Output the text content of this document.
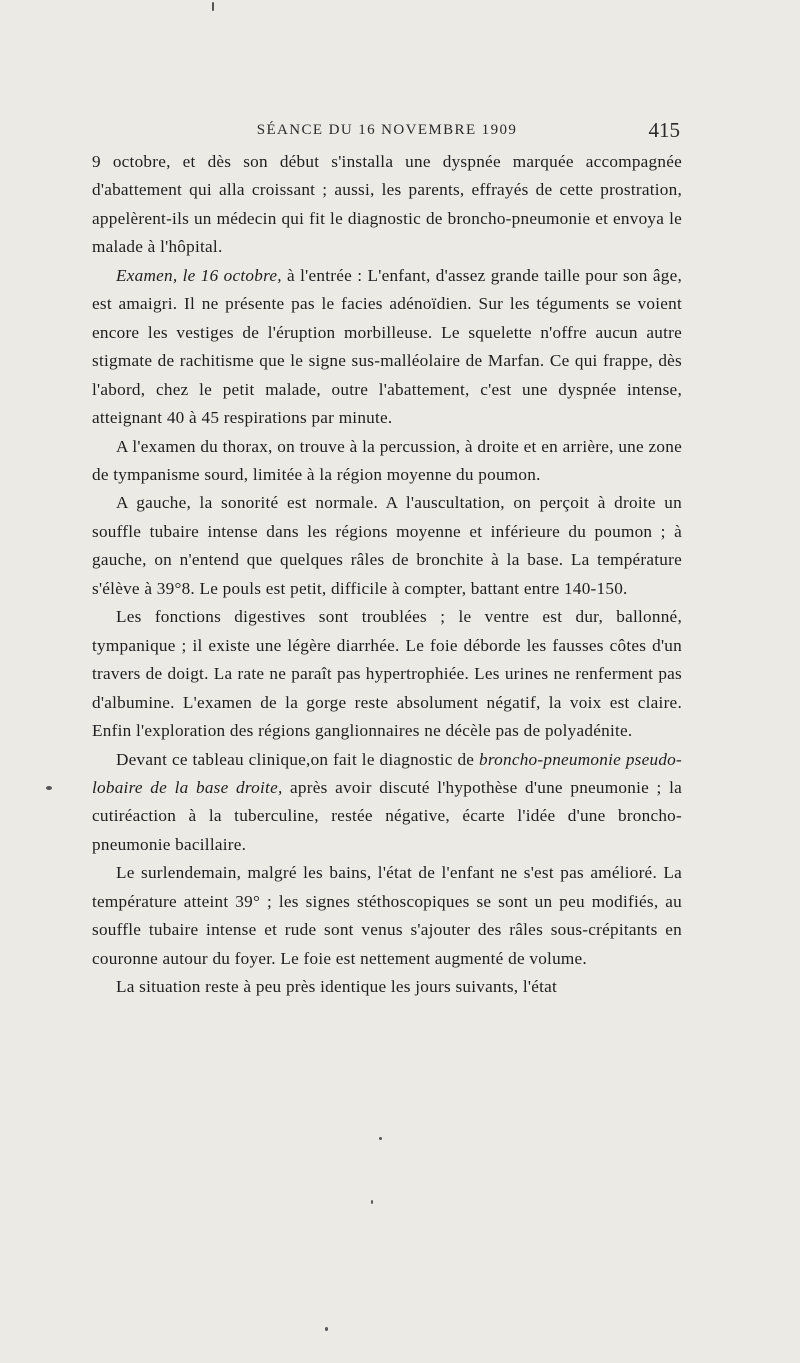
SÉANCE DU 16 NOVEMBRE 1909	415

9 octobre, et dès son début s'installa une dyspnée marquée accompagnée d'abattement qui alla croissant ; aussi, les parents, effrayés de cette prostration, appelèrent-ils un médecin qui fit le diagnostic de broncho-pneumonie et envoya le malade à l'hôpital.

Examen, le 16 octobre, à l'entrée : L'enfant, d'assez grande taille pour son âge, est amaigri. Il ne présente pas le facies adénoïdien. Sur les téguments se voient encore les vestiges de l'éruption morbilleuse. Le squelette n'offre aucun autre stigmate de rachitisme que le signe sus-malléolaire de Marfan. Ce qui frappe, dès l'abord, chez le petit malade, outre l'abattement, c'est une dyspnée intense, atteignant 40 à 45 respirations par minute.

A l'examen du thorax, on trouve à la percussion, à droite et en arrière, une zone de tympanisme sourd, limitée à la région moyenne du poumon.

A gauche, la sonorité est normale. A l'auscultation, on perçoit à droite un souffle tubaire intense dans les régions moyenne et inférieure du poumon ; à gauche, on n'entend que quelques râles de bronchite à la base. La température s'élève à 39°8. Le pouls est petit, difficile à compter, battant entre 140-150.

Les fonctions digestives sont troublées ; le ventre est dur, ballonné, tympanique ; il existe une légère diarrhée. Le foie déborde les fausses côtes d'un travers de doigt. La rate ne paraît pas hypertrophiée. Les urines ne renferment pas d'albumine. L'examen de la gorge reste absolument négatif, la voix est claire. Enfin l'exploration des régions ganglionnaires ne décèle pas de polyadénite.

Devant ce tableau clinique,on fait le diagnostic de broncho-pneumonie pseudo-lobaire de la base droite, après avoir discuté l'hypothèse d'une pneumonie ; la cutiréaction à la tuberculine, restée négative, écarte l'idée d'une broncho-pneumonie bacillaire.

Le surlendemain, malgré les bains, l'état de l'enfant ne s'est pas amélioré. La température atteint 39° ; les signes stéthoscopiques se sont un peu modifiés, au souffle tubaire intense et rude sont venus s'ajouter des râles sous-crépitants en couronne autour du foyer. Le foie est nettement augmenté de volume.

La situation reste à peu près identique les jours suivants, l'état
